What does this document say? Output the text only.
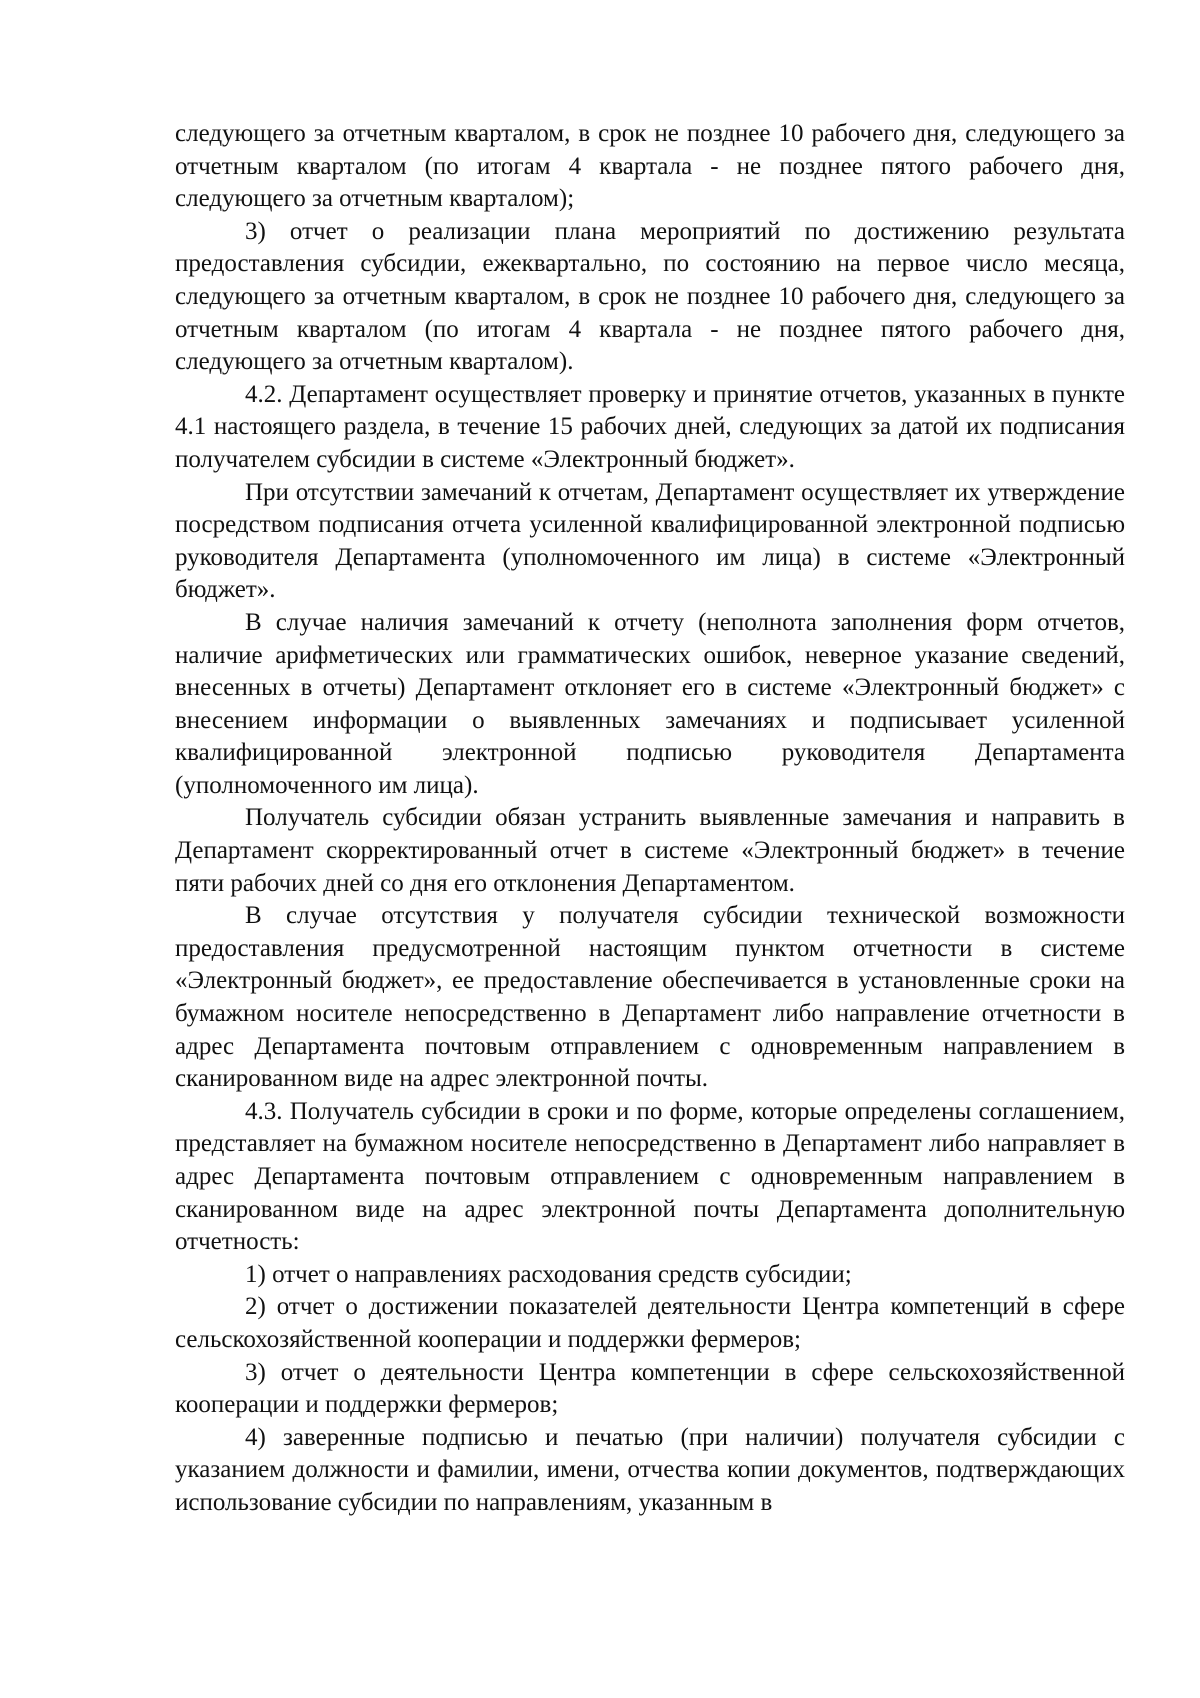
следующего за отчетным кварталом, в срок не позднее 10 рабочего дня, следующего за отчетным кварталом (по итогам 4 квартала - не позднее пятого рабочего дня, следующего за отчетным кварталом);

3) отчет о реализации плана мероприятий по достижению результата предоставления субсидии, ежеквартально, по состоянию на первое число месяца, следующего за отчетным кварталом, в срок не позднее 10 рабочего дня, следующего за отчетным кварталом (по итогам 4 квартала - не позднее пятого рабочего дня, следующего за отчетным кварталом).

4.2. Департамент осуществляет проверку и принятие отчетов, указанных в пункте 4.1 настоящего раздела, в течение 15 рабочих дней, следующих за датой их подписания получателем субсидии в системе «Электронный бюджет».

При отсутствии замечаний к отчетам, Департамент осуществляет их утверждение посредством подписания отчета усиленной квалифицированной электронной подписью руководителя Департамента (уполномоченного им лица) в системе «Электронный бюджет».

В случае наличия замечаний к отчету (неполнота заполнения форм отчетов, наличие арифметических или грамматических ошибок, неверное указание сведений, внесенных в отчеты) Департамент отклоняет его в системе «Электронный бюджет» с внесением информации о выявленных замечаниях и подписывает усиленной квалифицированной электронной подписью руководителя Департамента (уполномоченного им лица).

Получатель субсидии обязан устранить выявленные замечания и направить в Департамент скорректированный отчет в системе «Электронный бюджет» в течение пяти рабочих дней со дня его отклонения Департаментом.

В случае отсутствия у получателя субсидии технической возможности предоставления предусмотренной настоящим пунктом отчетности в системе «Электронный бюджет», ее предоставление обеспечивается в установленные сроки на бумажном носителе непосредственно в Департамент либо направление отчетности в адрес Департамента почтовым отправлением с одновременным направлением в сканированном виде на адрес электронной почты.

4.3. Получатель субсидии в сроки и по форме, которые определены соглашением, представляет на бумажном носителе непосредственно в Департамент либо направляет в адрес Департамента почтовым отправлением с одновременным направлением в сканированном виде на адрес электронной почты Департамента дополнительную отчетность:

1) отчет о направлениях расходования средств субсидии;

2) отчет о достижении показателей деятельности Центра компетенций в сфере сельскохозяйственной кооперации и поддержки фермеров;

3) отчет о деятельности Центра компетенции в сфере сельскохозяйственной кооперации и поддержки фермеров;

4) заверенные подписью и печатью (при наличии) получателя субсидии с указанием должности и фамилии, имени, отчества копии документов, подтверждающих использование субсидии по направлениям, указанным в
